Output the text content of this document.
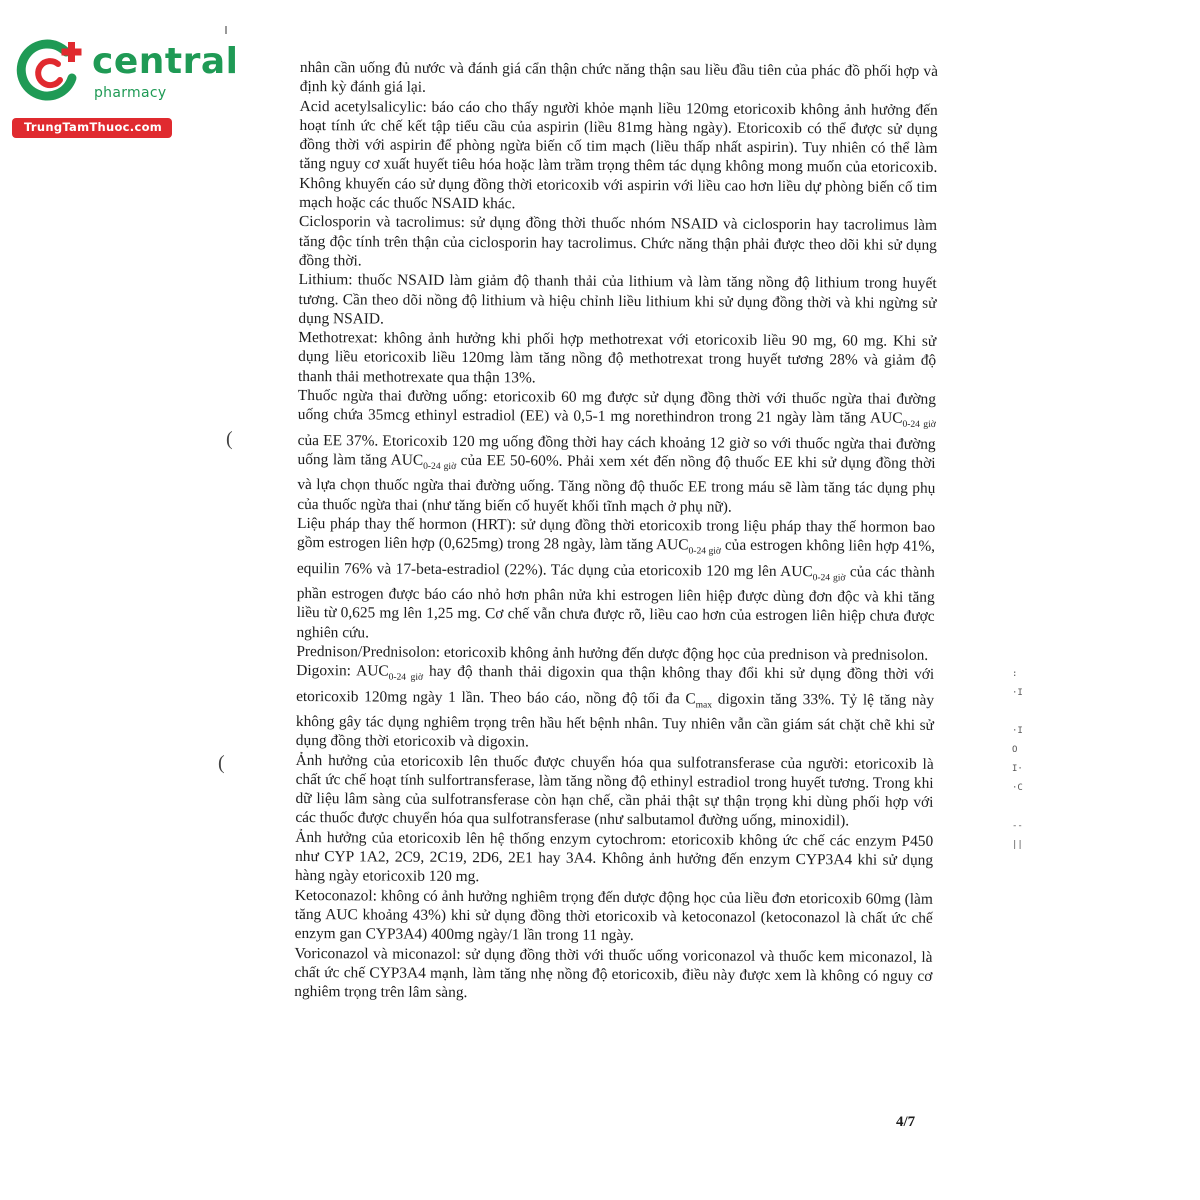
central
pharmacy
TrungTamThuoc.com

nhân cần uống đủ nước và đánh giá cẩn thận chức năng thận sau liều đầu tiên của phác đồ phối hợp và định kỳ đánh giá lại.

Acid acetylsalicylic: báo cáo cho thấy người khỏe mạnh liều 120mg etoricoxib không ảnh hưởng đến hoạt tính ức chế kết tập tiểu cầu của aspirin (liều 81mg hàng ngày). Etoricoxib có thể được sử dụng đồng thời với aspirin để phòng ngừa biến cố tim mạch (liều thấp nhất aspirin). Tuy nhiên có thể làm tăng nguy cơ xuất huyết tiêu hóa hoặc làm trầm trọng thêm tác dụng không mong muốn của etoricoxib. Không khuyến cáo sử dụng đồng thời etoricoxib với aspirin với liều cao hơn liều dự phòng biến cố tim mạch hoặc các thuốc NSAID khác.

Ciclosporin và tacrolimus: sử dụng đồng thời thuốc nhóm NSAID và ciclosporin hay tacrolimus làm tăng độc tính trên thận của ciclosporin hay tacrolimus. Chức năng thận phải được theo dõi khi sử dụng đồng thời.

Lithium: thuốc NSAID làm giảm độ thanh thải của lithium và làm tăng nồng độ lithium trong huyết tương. Cần theo dõi nồng độ lithium và hiệu chỉnh liều lithium khi sử dụng đồng thời và khi ngừng sử dụng NSAID.

Methotrexat: không ảnh hưởng khi phối hợp methotrexat với etoricoxib liều 90 mg, 60 mg. Khi sử dụng liều etoricoxib liều 120mg làm tăng nồng độ methotrexat trong huyết tương 28% và giảm độ thanh thải methotrexate qua thận 13%.

Thuốc ngừa thai đường uống: etoricoxib 60 mg được sử dụng đồng thời với thuốc ngừa thai đường uống chứa 35mcg ethinyl estradiol (EE) và 0,5-1 mg norethindron trong 21 ngày làm tăng $AUC_{0-24 giờ}$ của EE 37%. Etoricoxib 120 mg uống đồng thời hay cách khoảng 12 giờ so với thuốc ngừa thai đường uống làm tăng $AUC_{0-24 giờ}$ của EE 50-60%. Phải xem xét đến nồng độ thuốc EE khi sử dụng đồng thời và lựa chọn thuốc ngừa thai đường uống. Tăng nồng độ thuốc EE trong máu sẽ làm tăng tác dụng phụ của thuốc ngừa thai (như tăng biến cố huyết khối tĩnh mạch ở phụ nữ).

Liệu pháp thay thế hormon (HRT): sử dụng đồng thời etoricoxib trong liệu pháp thay thế hormon bao gồm estrogen liên hợp (0,625mg) trong 28 ngày, làm tăng $AUC_{0-24 giờ}$ của estrogen không liên hợp 41%, equilin 76% và 17-beta-estradiol (22%). Tác dụng của etoricoxib 120 mg lên $AUC_{0-24 giờ}$ của các thành phần estrogen được báo cáo nhỏ hơn phân nửa khi estrogen liên hiệp được dùng đơn độc và khi tăng liều từ 0,625 mg lên 1,25 mg. Cơ chế vẫn chưa được rõ, liều cao hơn của estrogen liên hiệp chưa được nghiên cứu.

Prednison/Prednisolon: etoricoxib không ảnh hưởng đến dược động học của prednison và prednisolon.

Digoxin: $AUC_{0-24 giờ}$ hay độ thanh thải digoxin qua thận không thay đổi khi sử dụng đồng thời với etoricoxib 120mg ngày 1 lần. Theo báo cáo, nồng độ tối đa $C_{max}$ digoxin tăng 33%. Tỷ lệ tăng này không gây tác dụng nghiêm trọng trên hầu hết bệnh nhân. Tuy nhiên vẫn cần giám sát chặt chẽ khi sử dụng đồng thời etoricoxib và digoxin.

Ảnh hưởng của etoricoxib lên thuốc được chuyển hóa qua sulfotransferase của người: etoricoxib là chất ức chế hoạt tính sulfortransferase, làm tăng nồng độ ethinyl estradiol trong huyết tương. Trong khi dữ liệu lâm sàng của sulfotransferase còn hạn chế, cần phải thật sự thận trọng khi dùng phối hợp với các thuốc được chuyển hóa qua sulfotransferase (như salbutamol đường uống, minoxidil).

Ảnh hưởng của etoricoxib lên hệ thống enzym cytochrom: etoricoxib không ức chế các enzym P450 như CYP 1A2, 2C9, 2C19, 2D6, 2E1 hay 3A4. Không ảnh hưởng đến enzym CYP3A4 khi sử dụng hàng ngày etoricoxib 120 mg.

Ketoconazol: không có ảnh hưởng nghiêm trọng đến dược động học của liều đơn etoricoxib 60mg (làm tăng AUC khoảng 43%) khi sử dụng đồng thời etoricoxib và ketoconazol (ketoconazol là chất ức chế enzym gan CYP3A4) 400mg ngày/1 lần trong 11 ngày.

Voriconazol và miconazol: sử dụng đồng thời với thuốc uống voriconazol và thuốc kem miconazol, là chất ức chế CYP3A4 mạnh, làm tăng nhẹ nồng độ etoricoxib, điều này được xem là không có nguy cơ nghiêm trọng trên lâm sàng.

(
(
:
·I

·I
O
I·
·C

--
||
4/7
